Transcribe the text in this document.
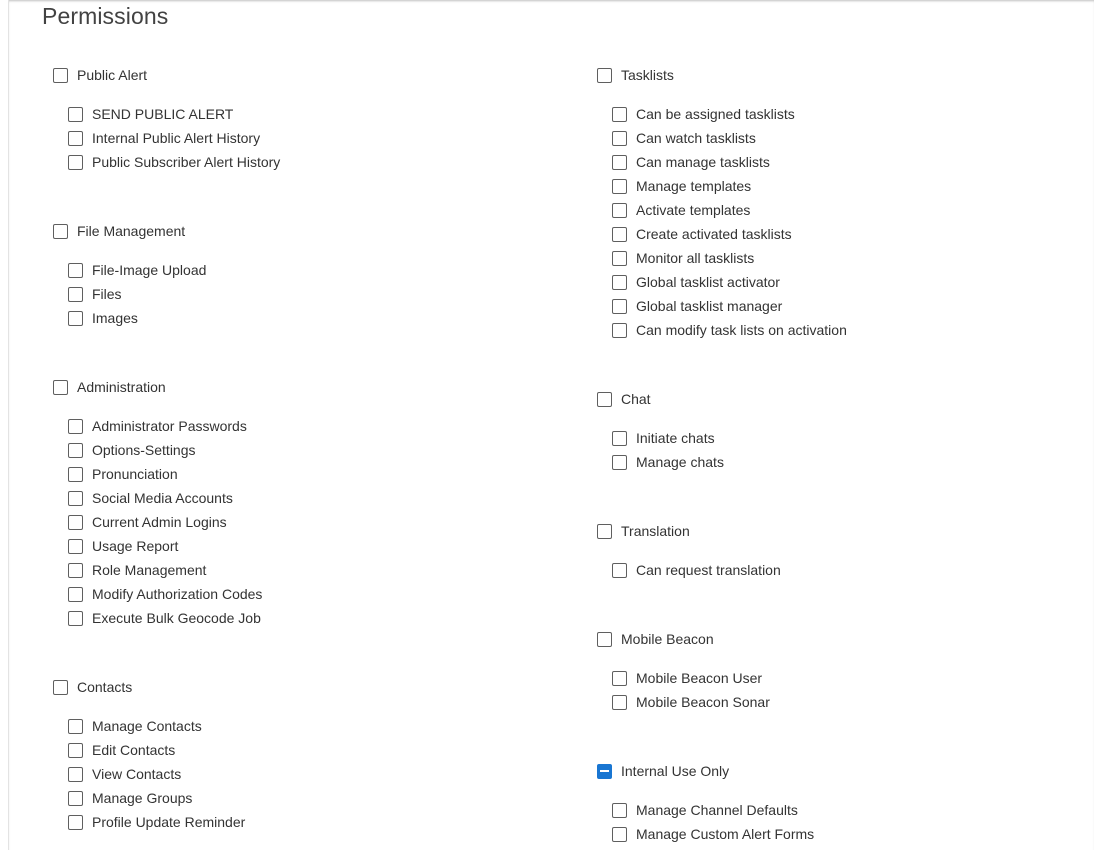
Permissions
Public Alert
SEND PUBLIC ALERT
Internal Public Alert History
Public Subscriber Alert History
File Management
File-Image Upload
Files
Images
Administration
Administrator Passwords
Options-Settings
Pronunciation
Social Media Accounts
Current Admin Logins
Usage Report
Role Management
Modify Authorization Codes
Execute Bulk Geocode Job
Contacts
Manage Contacts
Edit Contacts
View Contacts
Manage Groups
Profile Update Reminder
Tasklists
Can be assigned tasklists
Can watch tasklists
Can manage tasklists
Manage templates
Activate templates
Create activated tasklists
Monitor all tasklists
Global tasklist activator
Global tasklist manager
Can modify task lists on activation
Chat
Initiate chats
Manage chats
Translation
Can request translation
Mobile Beacon
Mobile Beacon User
Mobile Beacon Sonar
Internal Use Only
Manage Channel Defaults
Manage Custom Alert Forms
